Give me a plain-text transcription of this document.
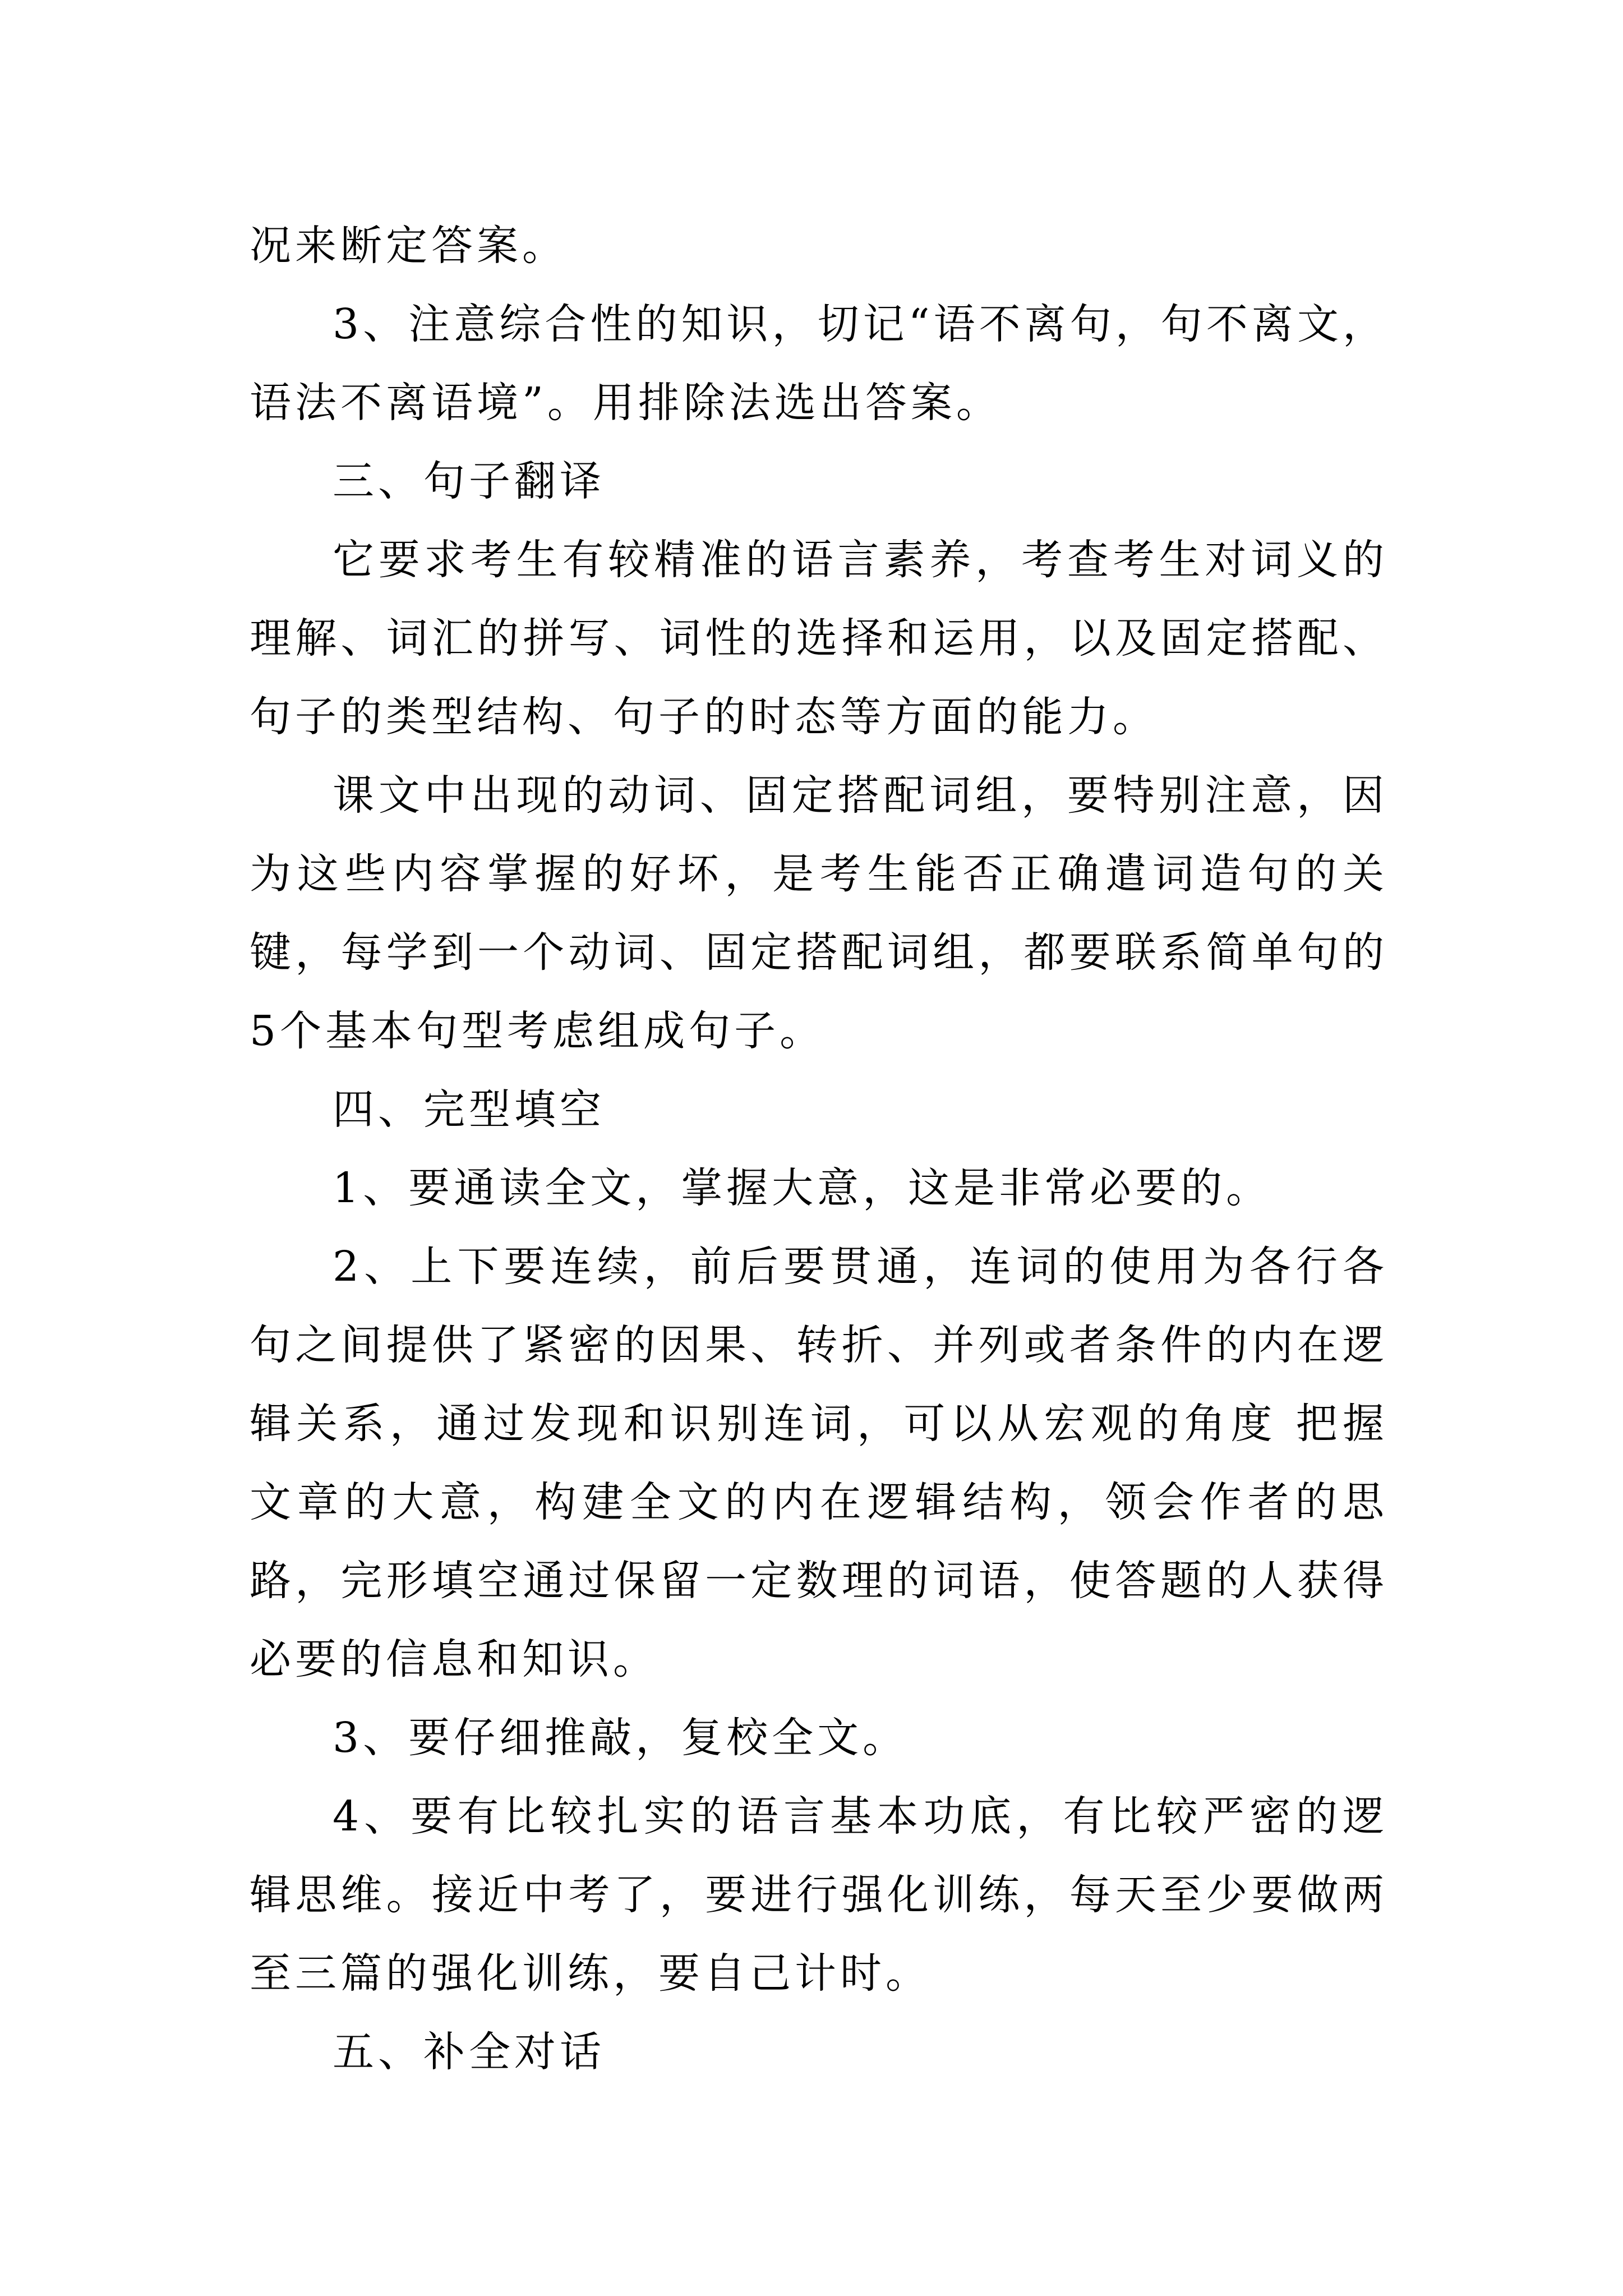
况来断定答案。

3、注意综合性的知识，切记“语不离句，句不离文，语法不离语境”。用排除法选出答案。

三、句子翻译

它要求考生有较精准的语言素养，考查考生对词义的理解、词汇的拼写、词性的选择和运用，以及固定搭配、句子的类型结构、句子的时态等方面的能力。

课文中出现的动词、固定搭配词组，要特别注意，因为这些内容掌握的好坏，是考生能否正确遣词造句的关键，每学到一个动词、固定搭配词组，都要联系简单句的5个基本句型考虑组成句子。

四、完型填空

1、要通读全文，掌握大意，这是非常必要的。

2、上下要连续，前后要贯通，连词的使用为各行各句之间提供了紧密的因果、转折、并列或者条件的内在逻辑关系，通过发现和识别连词，可以从宏观的角度 把握文章的大意，构建全文的内在逻辑结构，领会作者的思路，完形填空通过保留一定数理的词语，使答题的人获得必要的信息和知识。

3、要仔细推敲，复校全文。

4、要有比较扎实的语言基本功底，有比较严密的逻辑思维。接近中考了，要进行强化训练，每天至少要做两至三篇的强化训练，要自己计时。

五、补全对话
